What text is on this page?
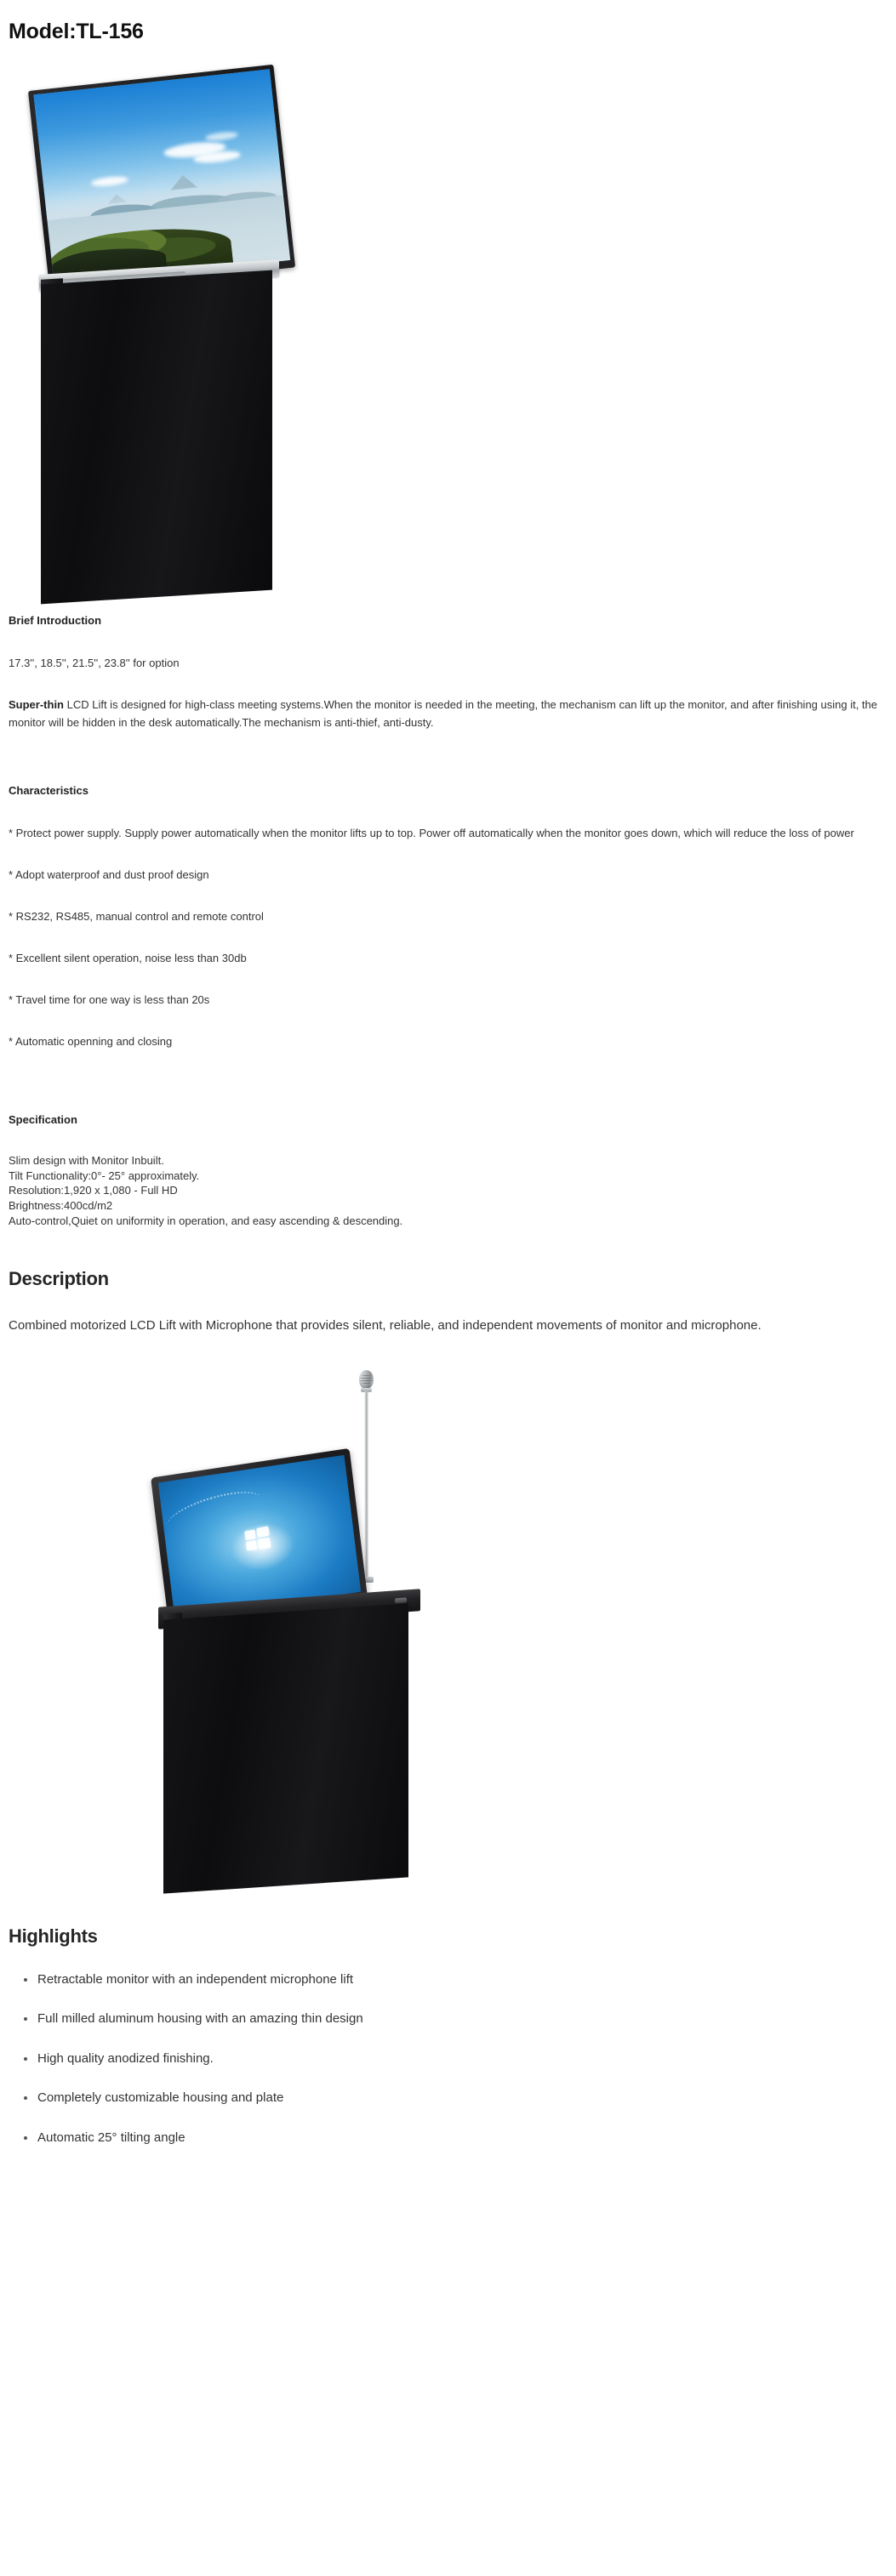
Model:TL-156
Brief Introduction

17.3'', 18.5'', 21.5'', 23.8'' for option

Super-thin LCD Lift is designed for high-class meeting systems.When the monitor is needed in the meeting, the mechanism can lift up the monitor, and after finishing using it, the monitor will be hidden in the desk automatically.The mechanism is anti-thief, anti-dusty.

Characteristics

* Protect power supply. Supply power automatically when the monitor lifts up to top. Power off automatically when the monitor goes down, which will reduce the loss of power

* Adopt waterproof and dust proof design

* RS232, RS485, manual control and remote control

* Excellent silent operation, noise less than 30db

* Travel time for one way is less than 20s

* Automatic openning and closing

Specification
Slim design with Monitor Inbuilt.
Tilt Functionality:0°- 25° approximately.
Resolution:1,920 x 1,080 - Full HD
Brightness:400cd/m2
Auto-control,Quiet on uniformity in operation, and easy ascending & descending.
Description

Combined motorized LCD Lift with Microphone that provides silent, reliable, and independent movements of monitor and microphone.

Highlights
Retractable monitor with an independent microphone lift
Full milled aluminum housing with an amazing thin design
High quality anodized finishing.
Completely customizable housing and plate
Automatic 25° tilting angle
